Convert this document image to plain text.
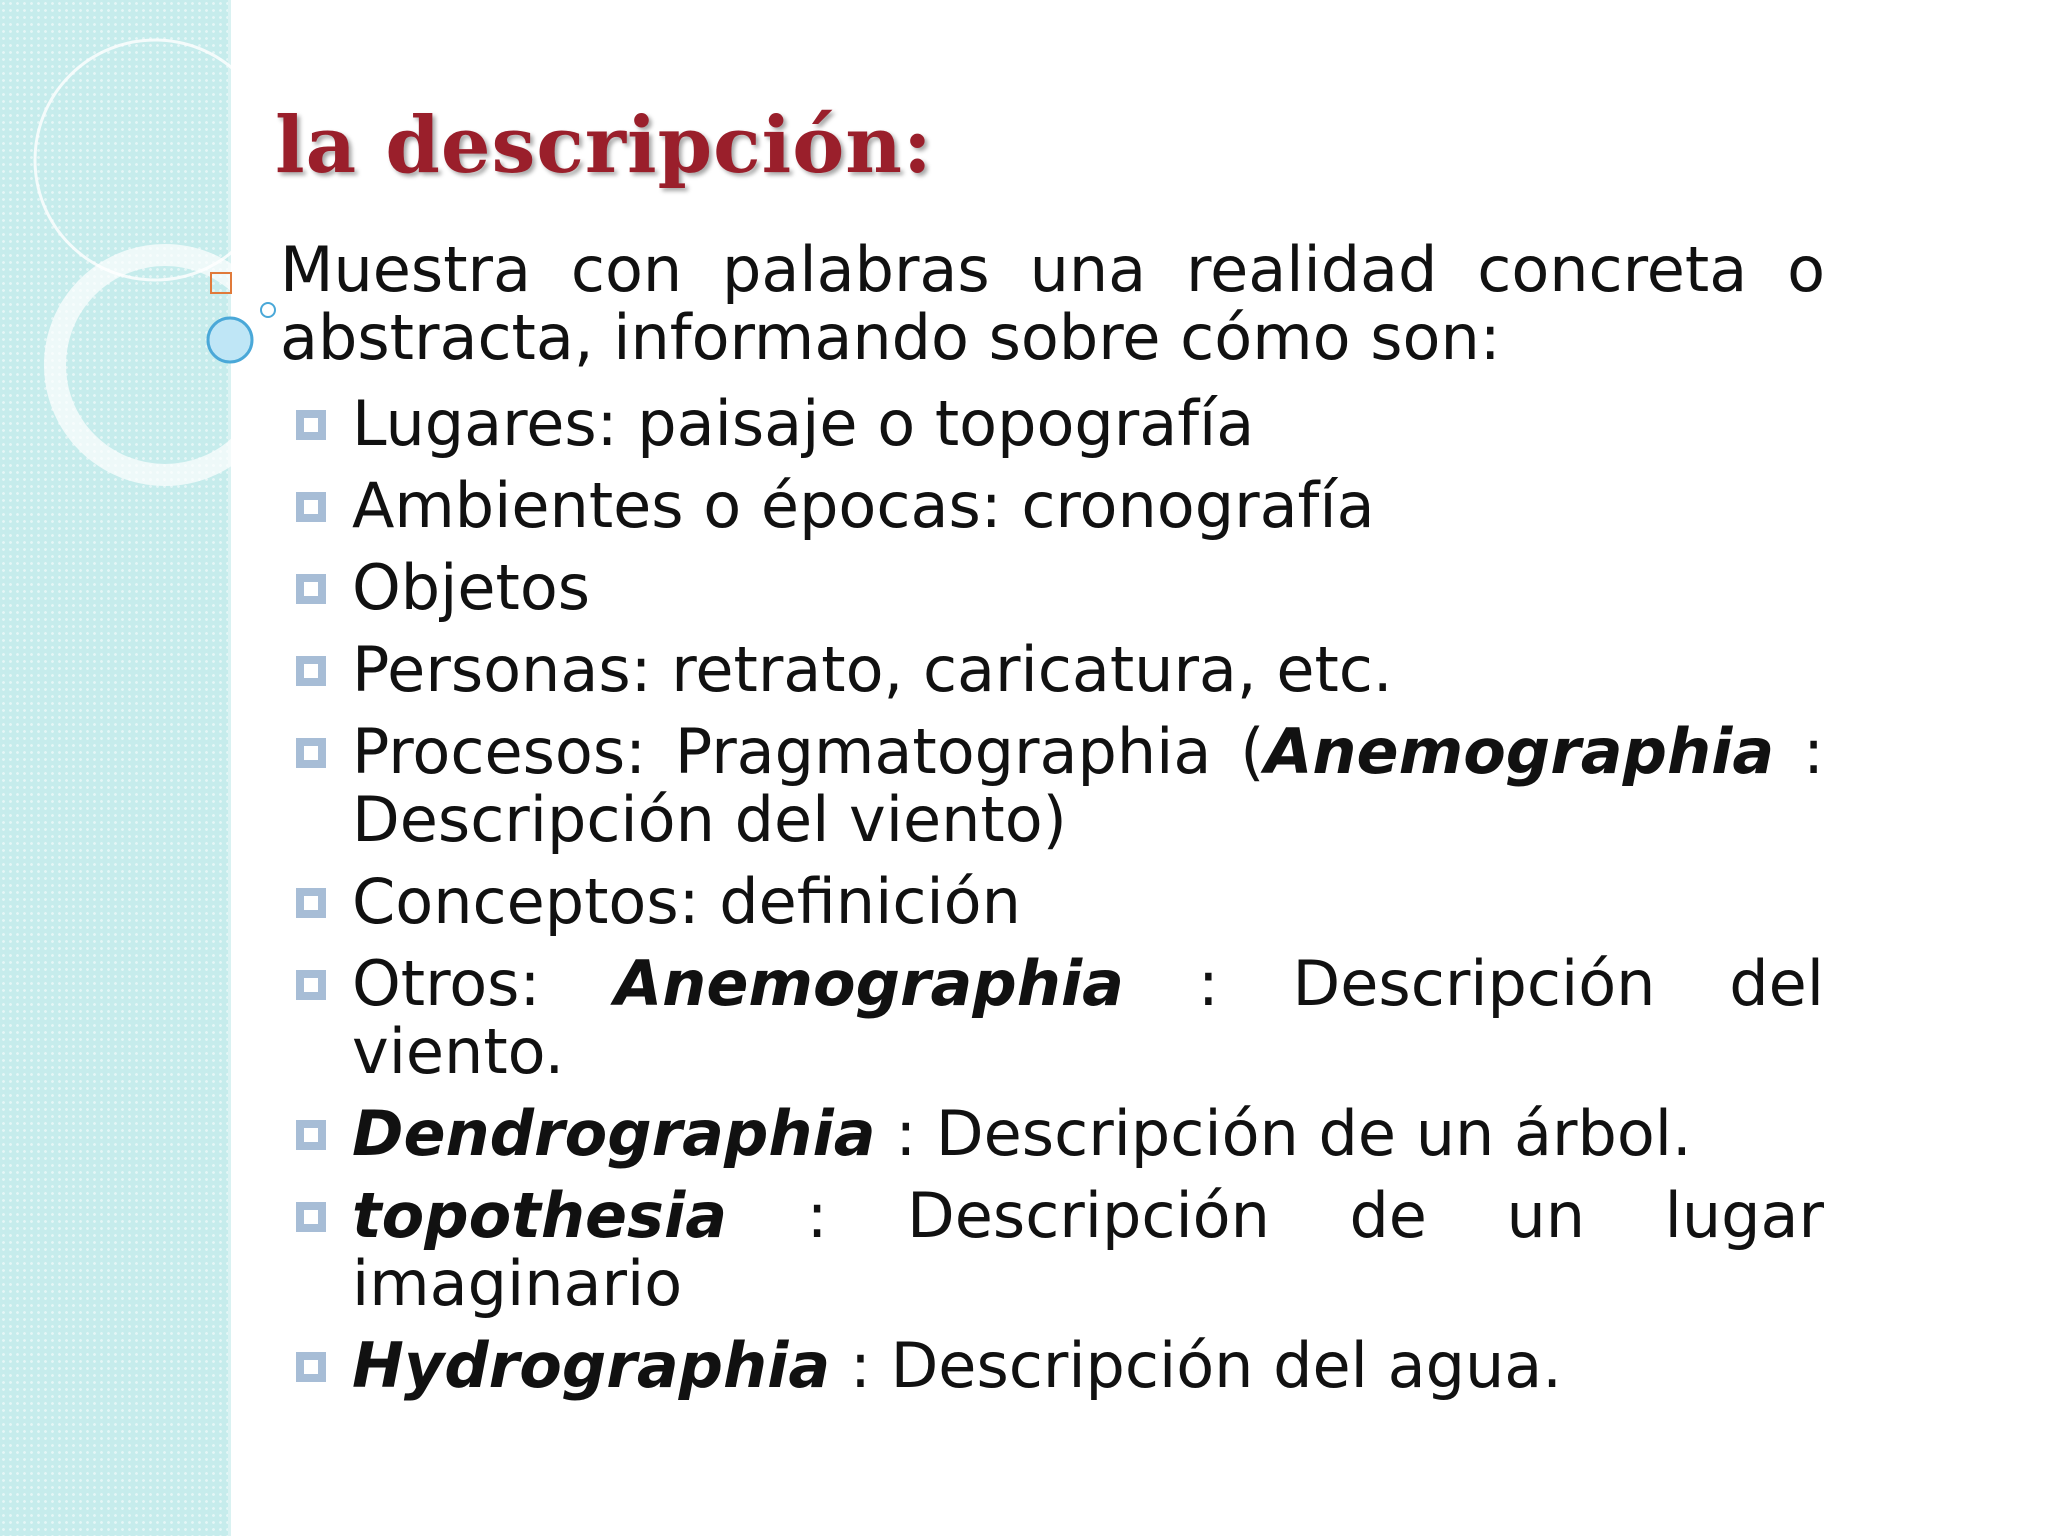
la descripción:
Muestra con palabras una realidad concreta o abstracta, informando sobre cómo son:
Lugares: paisaje o topografía
Ambientes o épocas: cronografía
Objetos
Personas: retrato, caricatura, etc.
Procesos: Pragmatographia (Anemographia : Descripción del viento)
Conceptos: definición
Otros: Anemographia : Descripción del viento.
Dendrographia : Descripción de un árbol.
topothesia : Descripción de un lugar imaginario
Hydrographia : Descripción del agua.
